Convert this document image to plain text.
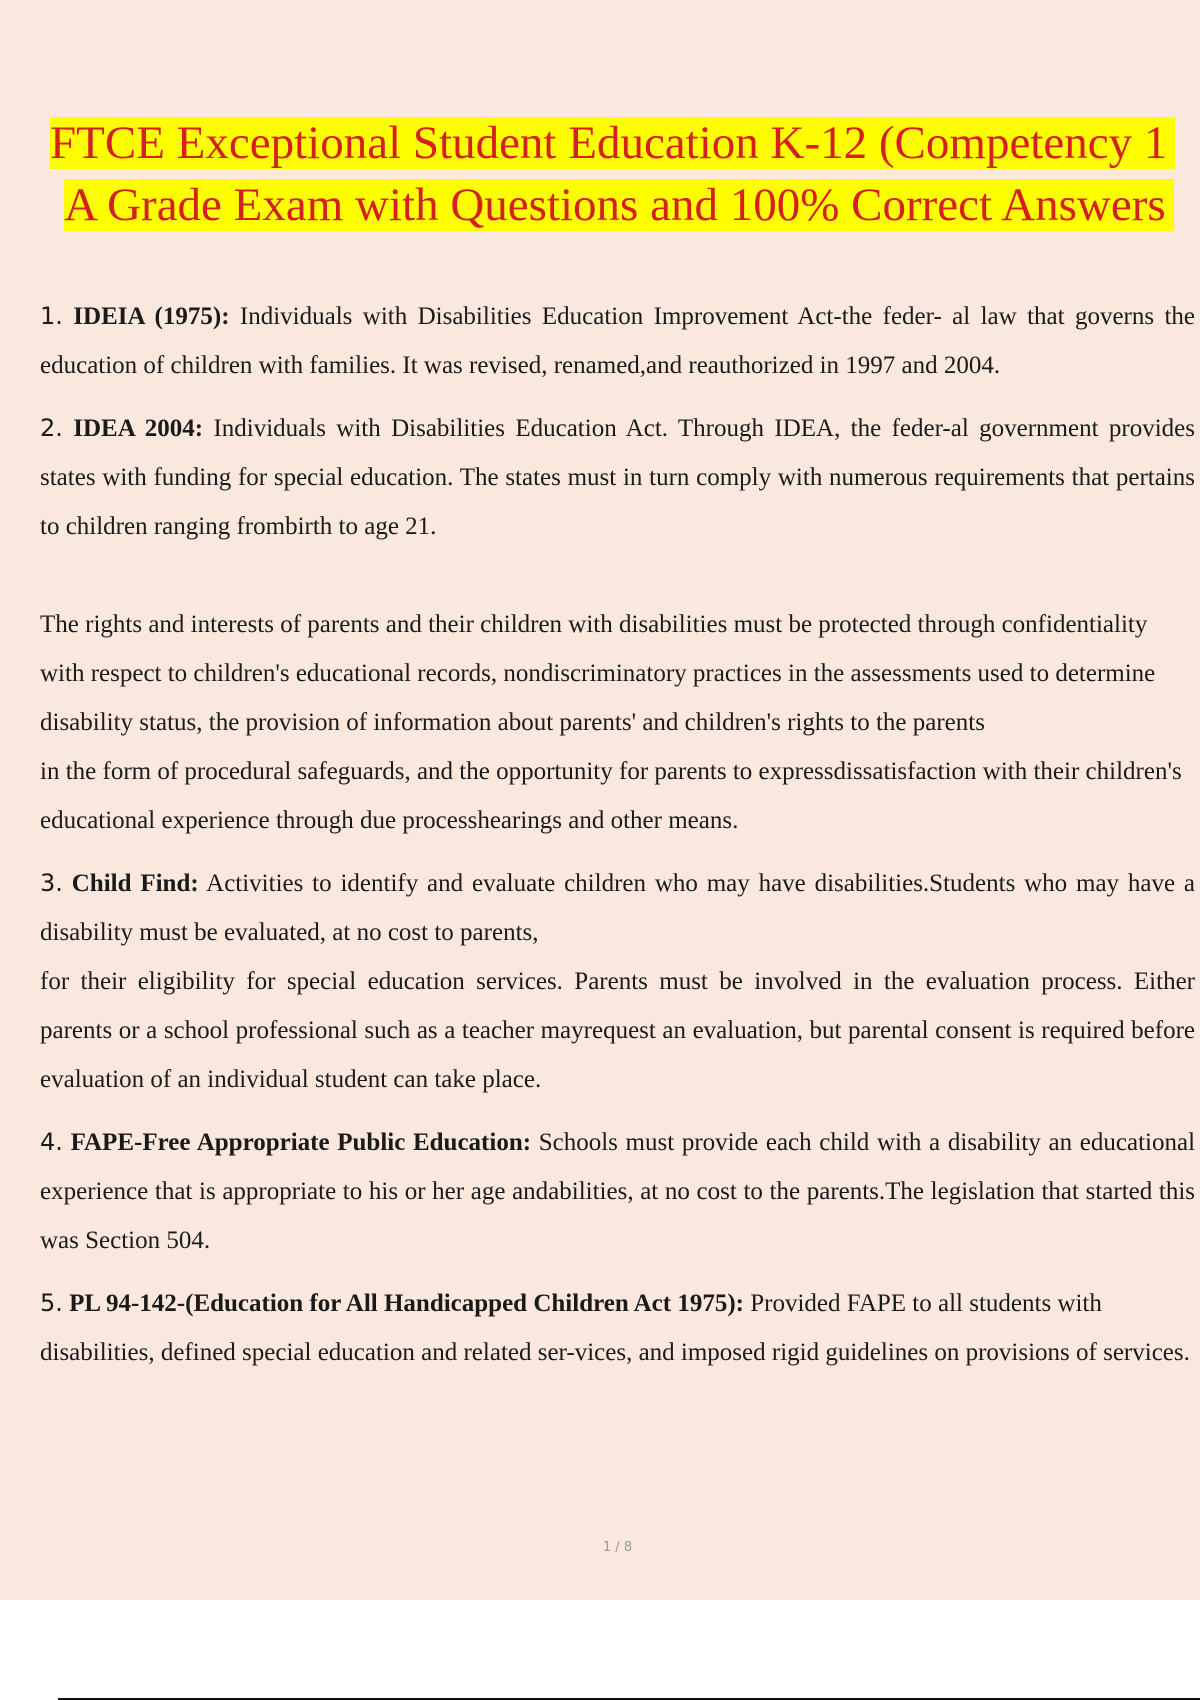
FTCE Exceptional Student Education K-12 (Competency 1
A Grade Exam with Questions and 100% Correct Answers

1. IDEIA (1975): Individuals with Disabilities Education Improvement Act-the feder- al law that governs the education of children with families. It was revised, renamed,and reauthorized in 1997 and 2004.

2. IDEA 2004: Individuals with Disabilities Education Act. Through IDEA, the feder-al government provides states with funding for special education. The states must in turn comply with numerous requirements that pertains to children ranging frombirth to age 21.

The rights and interests of parents and their children with disabilities must be protected through confidentiality with respect to children's educational records, nondiscriminatory practices in the assessments used to determine disability status, the provision of information about parents' and children's rights to the parents

in the form of procedural safeguards, and the opportunity for parents to expressdissatisfaction with their children's educational experience through due processhearings and other means.

3. Child Find: Activities to identify and evaluate children who may have disabilities.Students who may have a disability must be evaluated, at no cost to parents,

for their eligibility for special education services. Parents must be involved in the evaluation process. Either parents or a school professional such as a teacher mayrequest an evaluation, but parental consent is required before evaluation of an individual student can take place.

4. FAPE-Free Appropriate Public Education: Schools must provide each child with a disability an educational experience that is appropriate to his or her age andabilities, at no cost to the parents.The legislation that started this was Section 504.

5. PL 94-142-(Education for All Handicapped Children Act 1975): Provided FAPE to all students with disabilities, defined special education and related ser-vices, and imposed rigid guidelines on provisions of services.

1 / 8
